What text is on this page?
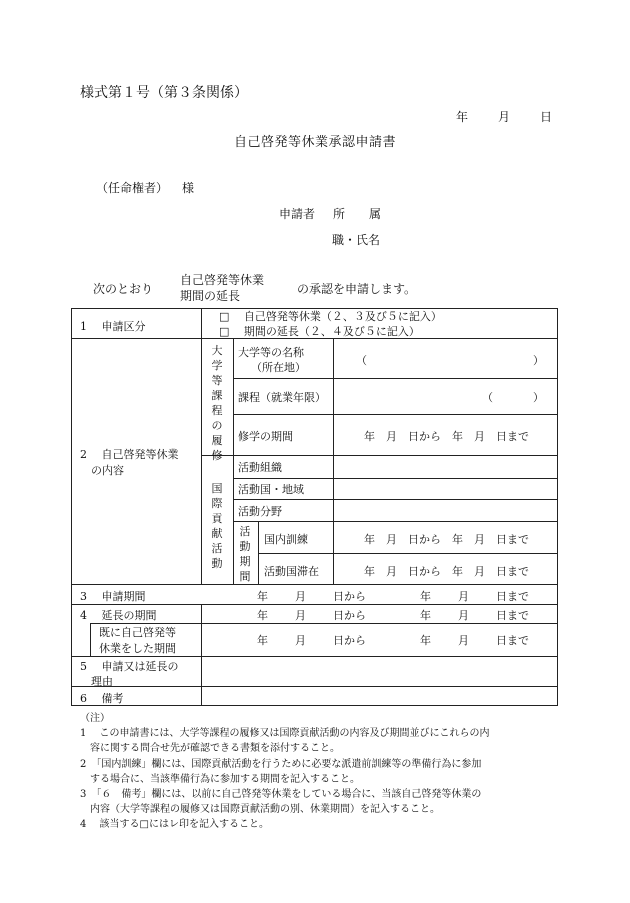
様式第１号（第３条関係）
年 月 日
自己啓発等休業承認申請書
（任命権者） 様
申請者 所　　属
職・氏名
次のとおり
自己啓発等休業
期間の延長	の承認を申請します。
1　 申請区分
□　 自己啓発等休業（２、３及び５に記入）
□　 期間の延長（２、４及び５に記入）
2　 自己啓発等休業
の内容
大学等課程の履修
大学等の名称
（所在地）
（	）
課程（就業年限）	（	）
修学の期間	年　月　日から　年　月　日まで
国際貢献活動
活動組織
活動国・地域
活動分野
活動期間
国内訓練	年　月　日から　年　月　日まで
活動国滞在	年　月　日から　年　月　日まで
3　 申請期間	年 月 日から	年 月 日まで
4　 延長の期間	年 月 日から	年 月 日まで
既に自己啓発等
休業をした期間
年 月 日から	年 月 日まで
5　 申請又は延長の
理由
6　 備考
（注）
1　 この申請書には、大学等課程の履修又は国際貢献活動の内容及び期間並びにこれらの内
　容に関する問合せ先が確認できる書類を添付すること。
2　「国内訓練」欄には、国際貢献活動を行うために必要な派遣前訓練等の準備行為に参加
　する場合に、当該準備行為に参加する期間を記入すること。
3　「６　備考」欄には、以前に自己啓発等休業をしている場合に、当該自己啓発等休業の
　内容（大学等課程の履修又は国際貢献活動の別、休業期間）を記入すること。
4　 該当する□にはレ印を記入すること。
